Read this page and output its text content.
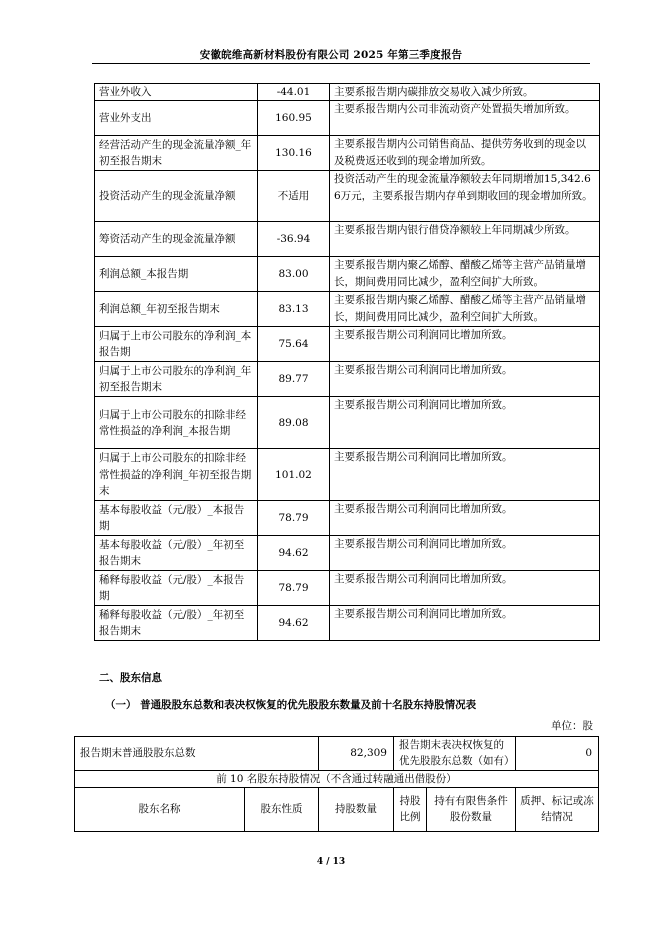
安徽皖维高新材料股份有限公司 2025 年第三季度报告
营业外收入	-44.01	主要系报告期内碳排放交易收入减少所致。
营业外支出	160.95	主要系报告期内公司非流动资产处置损失增加所致。
经营活动产生的现金流量净额_年初至报告期末	130.16	主要系报告期内公司销售商品、提供劳务收到的现金以及税费返还收到的现金增加所致。
投资活动产生的现金流量净额	不适用	投资活动产生的现金流量净额较去年同期增加15,342.66万元，主要系报告期内存单到期收回的现金增加所致。
筹资活动产生的现金流量净额	-36.94	主要系报告期内银行借贷净额较上年同期减少所致。
利润总额_本报告期	83.00	主要系报告期内聚乙烯醇、醋酸乙烯等主营产品销量增长，期间费用同比减少，盈利空间扩大所致。
利润总额_年初至报告期末	83.13	主要系报告期内聚乙烯醇、醋酸乙烯等主营产品销量增长，期间费用同比减少，盈利空间扩大所致。
归属于上市公司股东的净利润_本报告期	75.64	主要系报告期公司利润同比增加所致。
归属于上市公司股东的净利润_年初至报告期末	89.77	主要系报告期公司利润同比增加所致。
归属于上市公司股东的扣除非经常性损益的净利润_本报告期	89.08	主要系报告期公司利润同比增加所致。
归属于上市公司股东的扣除非经常性损益的净利润_年初至报告期末	101.02	主要系报告期公司利润同比增加所致。
基本每股收益（元/股）_本报告期	78.79	主要系报告期公司利润同比增加所致。
基本每股收益（元/股）_年初至报告期末	94.62	主要系报告期公司利润同比增加所致。
稀释每股收益（元/股）_本报告期	78.79	主要系报告期公司利润同比增加所致。
稀释每股收益（元/股）_年初至报告期末	94.62	主要系报告期公司利润同比增加所致。
二、股东信息
（一） 普通股股东总数和表决权恢复的优先股股东数量及前十名股东持股情况表
单位：股
报告期末普通股股东总数		82,309	报告期末表决权恢复的优先股股东总数（如有）		0
前 10 名股东持股情况（不含通过转融通出借股份）					
股东名称	股东性质	持股数量	持股比例	持有有限售条件股份数量	质押、标记或冻结情况
4 / 13
